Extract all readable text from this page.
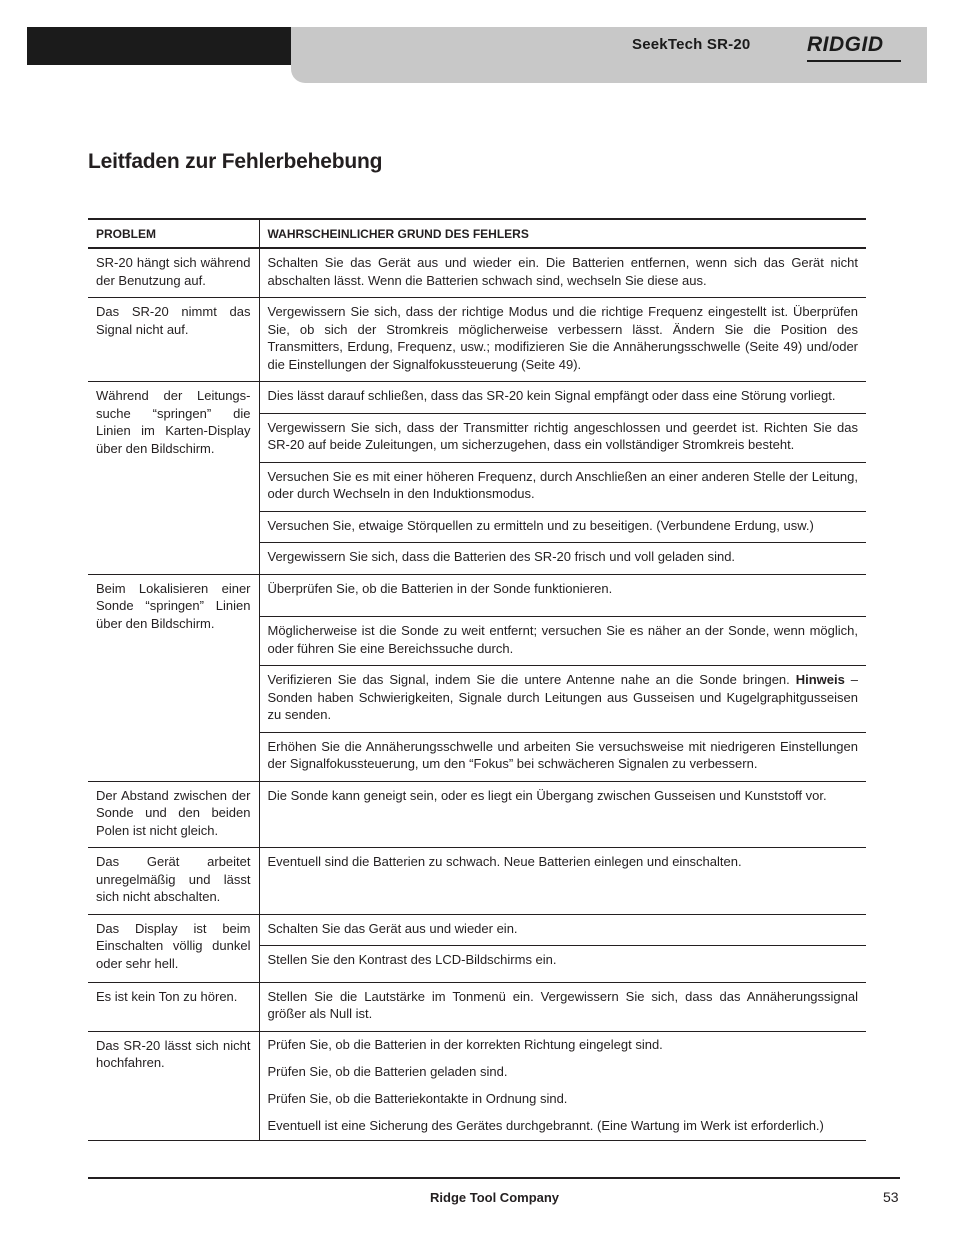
SeekTech SR-20	RIDGID
Leitfaden zur Fehlerbehebung
PROBLEM	WAHRSCHEINLICHER GRUND DES FEHLERS
SR-20 hängt sich während der Benutzung auf.	Schalten Sie das Gerät aus und wieder ein. Die Batterien entfernen, wenn sich das Gerät nicht abschalten lässt. Wenn die Batterien schwach sind, wechseln Sie diese aus.
Das SR-20 nimmt das Signal nicht auf.	Vergewissern Sie sich, dass der richtige Modus und die richtige Frequenz eingestellt ist. Überprüfen Sie, ob sich der Stromkreis möglicherweise verbessern lässt. Ändern Sie die Position des Transmitters, Erdung, Frequenz, usw.; modifizieren Sie die Annäherungsschwelle (Seite 49) und/oder die Einstellungen der Signalfokussteuerung (Seite 49).
Während der Leitungs-suche “springen” die Linien im Karten-Display über den Bildschirm.	Dies lässt darauf schließen, dass das SR-20 kein Signal empfängt oder dass eine Störung vorliegt.
	Vergewissern Sie sich, dass der Transmitter richtig angeschlossen und geerdet ist. Richten Sie das SR-20 auf beide Zuleitungen, um sicherzugehen, dass ein vollständiger Stromkreis besteht.
	Versuchen Sie es mit einer höheren Frequenz, durch Anschließen an einer anderen Stelle der Leitung, oder durch Wechseln in den Induktionsmodus.
	Versuchen Sie, etwaige Störquellen zu ermitteln und zu beseitigen. (Verbundene Erdung, usw.)
	Vergewissern Sie sich, dass die Batterien des SR-20 frisch und voll geladen sind.
Beim Lokalisieren einer Sonde “springen” Linien über den Bildschirm.	Überprüfen Sie, ob die Batterien in der Sonde funktionieren.
	Möglicherweise ist die Sonde zu weit entfernt; versuchen Sie es näher an der Sonde, wenn möglich, oder führen Sie eine Bereichssuche durch.
	Verifizieren Sie das Signal, indem Sie die untere Antenne nahe an die Sonde bringen. Hinweis – Sonden haben Schwierigkeiten, Signale durch Leitungen aus Gusseisen und Kugelgraphitgusseisen zu senden.
	Erhöhen Sie die Annäherungsschwelle und arbeiten Sie versuchsweise mit niedrigeren Einstellungen der Signalfokussteuerung, um den “Fokus” bei schwächeren Signalen zu verbessern.
Der Abstand zwischen der Sonde und den beiden Polen ist nicht gleich.	Die Sonde kann geneigt sein, oder es liegt ein Übergang zwischen Gusseisen und Kunststoff vor.
Das Gerät arbeitet unregelmäßig und lässt sich nicht abschalten.	Eventuell sind die Batterien zu schwach. Neue Batterien einlegen und einschalten.
Das Display ist beim Einschalten völlig dunkel oder sehr hell.	Schalten Sie das Gerät aus und wieder ein.
	Stellen Sie den Kontrast des LCD-Bildschirms ein.
Es ist kein Ton zu hören.	Stellen Sie die Lautstärke im Tonmenü ein. Vergewissern Sie sich, dass das Annäherungssignal größer als Null ist.
Das SR-20 lässt sich nicht hochfahren.	Prüfen Sie, ob die Batterien in der korrekten Richtung eingelegt sind.

Prüfen Sie, ob die Batterien geladen sind.

Prüfen Sie, ob die Batteriekontakte in Ordnung sind.

Eventuell ist eine Sicherung des Gerätes durchgebrannt. (Eine Wartung im Werk ist erforderlich.)

Ridge Tool Company	53
